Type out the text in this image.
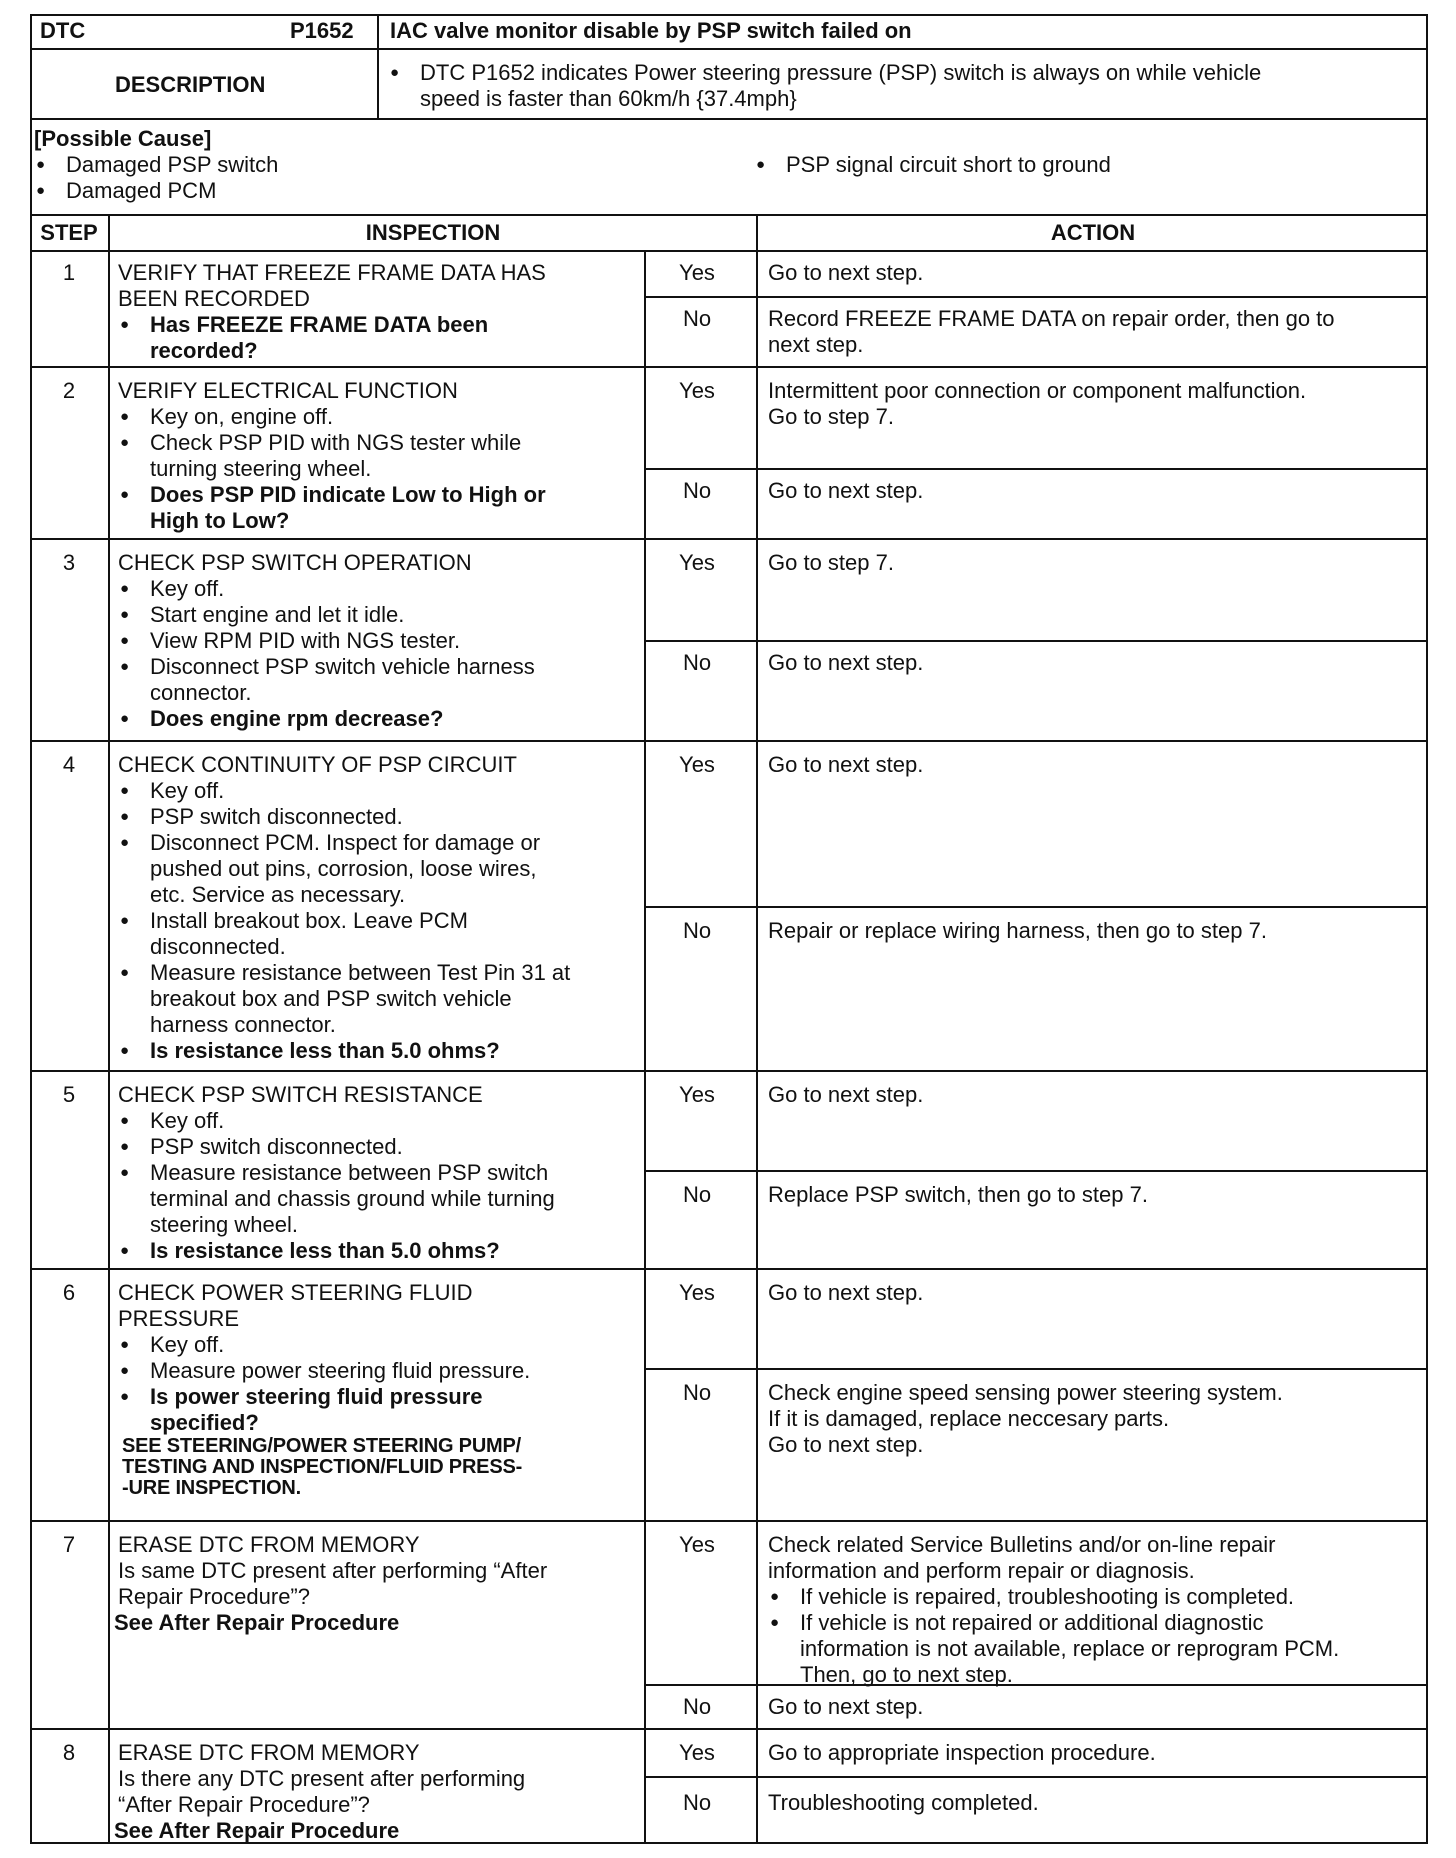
DTC	P1652 IAC valve monitor disable by PSP switch failed on
DESCRIPTION
●	DTC P1652 indicates Power steering pressure (PSP) switch is always on while vehicle
speed is faster than 60km/h {37.4mph}
[Possible Cause]
● Damaged PSP switch
● Damaged PCM
● PSP signal circuit short to ground
STEP	INSPECTION	ACTION
1	VERIFY THAT FREEZE FRAME DATA HAS
BEEN RECORDED
● Has FREEZE FRAME DATA been
recorded?
Yes	Go to next step.
No	Record FREEZE FRAME DATA on repair order, then go to
next step.
2	VERIFY ELECTRICAL FUNCTION
● Key on, engine off.
● Check PSP PID with NGS tester while
turning steering wheel.
● Does PSP PID indicate Low to High or
High to Low?
Yes	Intermittent poor connection or component malfunction.
Go to step 7.
No	Go to next step.
3	CHECK PSP SWITCH OPERATION
● Key off.
● Start engine and let it idle.
● View RPM PID with NGS tester.
● Disconnect PSP switch vehicle harness
connector.
● Does engine rpm decrease?
Yes	Go to step 7.
No	Go to next step.
4	CHECK CONTINUITY OF PSP CIRCUIT
● Key off.
● PSP switch disconnected.
● Disconnect PCM. Inspect for damage or
pushed out pins, corrosion, loose wires,
etc. Service as necessary.
● Install breakout box. Leave PCM
disconnected.
● Measure resistance between Test Pin 31 at
breakout box and PSP switch vehicle
harness connector.
● Is resistance less than 5.0 ohms?
Yes	Go to next step.
No	Repair or replace wiring harness, then go to step 7.
5	CHECK PSP SWITCH RESISTANCE
● Key off.
● PSP switch disconnected.
● Measure resistance between PSP switch
terminal and chassis ground while turning
steering wheel.
● Is resistance less than 5.0 ohms?
Yes	Go to next step.
No	Replace PSP switch, then go to step 7.
6	CHECK POWER STEERING FLUID
PRESSURE
● Key off.
● Measure power steering fluid pressure.
● Is power steering fluid pressure
specified?
SEE STEERING/POWER STEERING PUMP/
TESTING AND INSPECTION/FLUID PRESS-
-URE INSPECTION.
Yes	Go to next step.
No	Check engine speed sensing power steering system.
If it is damaged, replace neccesary parts.
Go to next step.
7	ERASE DTC FROM MEMORY
Is same DTC present after performing “After
Repair Procedure”?
See After Repair Procedure
Yes	Check related Service Bulletins and/or on-line repair
information and perform repair or diagnosis.
● If vehicle is repaired, troubleshooting is completed.
● If vehicle is not repaired or additional diagnostic
information is not available, replace or reprogram PCM.
Then, go to next step.
No	Go to next step.
8	ERASE DTC FROM MEMORY
Is there any DTC present after performing
“After Repair Procedure”?
See After Repair Procedure
Yes	Go to appropriate inspection procedure.
No	Troubleshooting completed.
